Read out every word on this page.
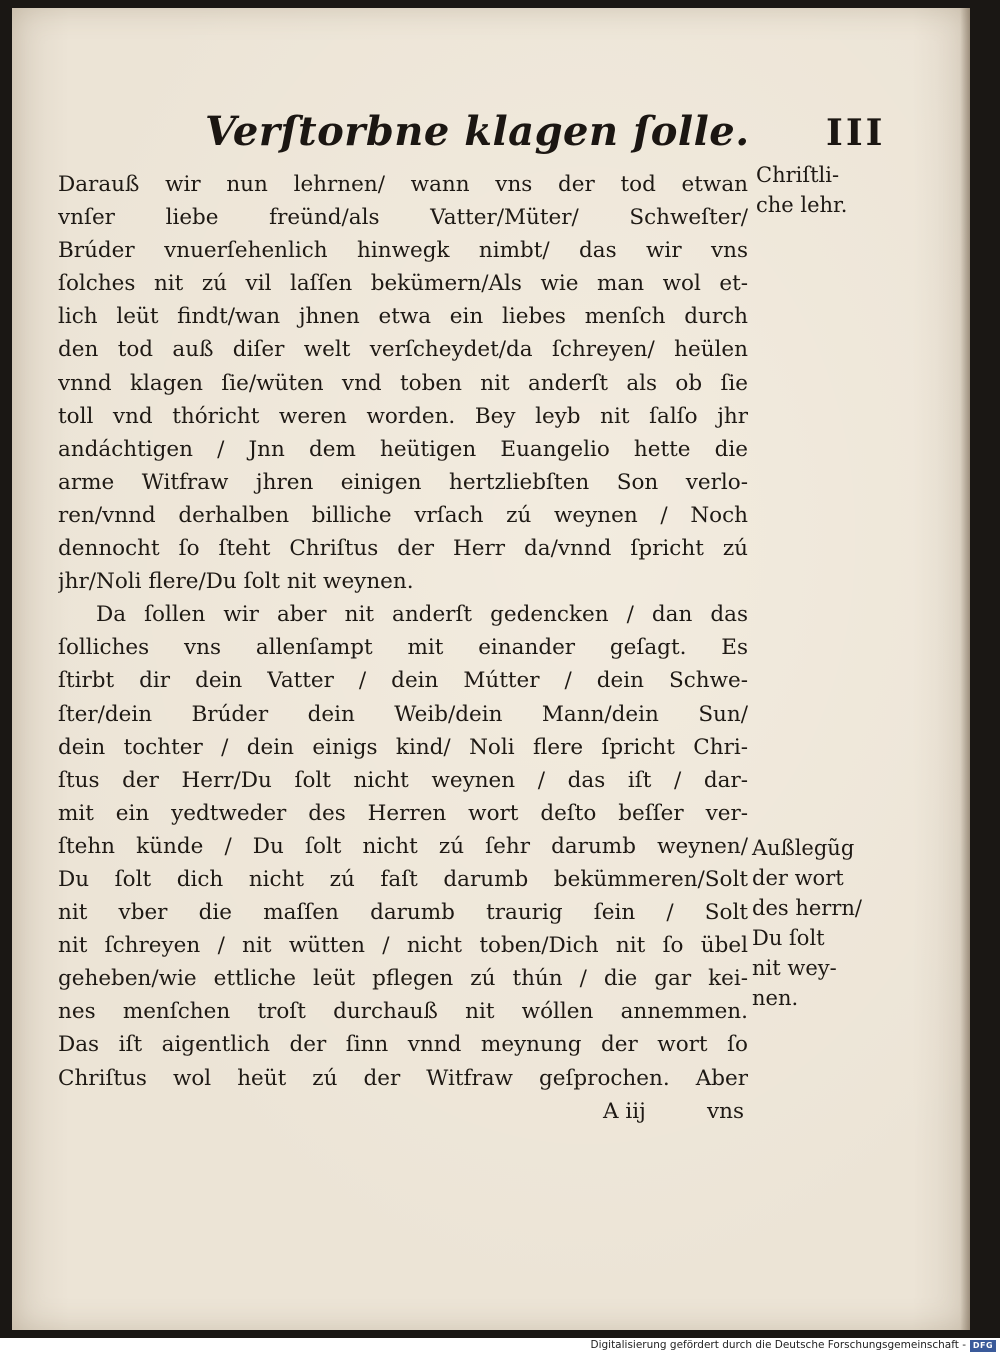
Verſtorbne klagen ſolle. III
Darauß wir nun lehrnen/ wann vns der tod etwan
vnſer liebe freünd/als Vatter/Müter/ Schweſter/
Brúder vnuerſehenlich hinwegk nimbt/ das wir vns
ſolches nit zú vil laſſen bekümern/Als wie man wol et-
lich leüt findt/wan jhnen etwa ein liebes menſch durch
den tod auß diſer welt verſcheydet/da ſchreyen/ heülen
vnnd klagen ſie/wüten vnd toben nit anderſt als ob ſie
toll vnd thóricht weren worden. Bey leyb nit ſalſo jhr
andáchtigen / Jnn dem heütigen Euangelio hette die
arme Witfraw jhren einigen hertzliebſten Son verlo-
ren/vnnd derhalben billiche vrſach zú weynen / Noch
dennocht ſo ſteht Chriſtus der Herr da/vnnd ſpricht zú
jhr/Noli flere/Du ſolt nit weynen.
Da ſollen wir aber nit anderſt gedencken / dan das
ſolliches vns allenſampt mit einander geſagt. Es
ſtirbt dir dein Vatter / dein Mútter / dein Schwe-
ſter/dein Brúder dein Weib/dein Mann/dein Sun/
dein tochter / dein einigs kind/ Noli flere ſpricht Chri-
ſtus der Herr/Du ſolt nicht weynen / das iſt / dar-
mit ein yedtweder des Herren wort deſto beſſer ver-
ſtehn künde / Du ſolt nicht zú ſehr darumb weynen/
Du ſolt dich nicht zú faſt darumb bekümmeren/Solt
nit vber die maſſen darumb traurig ſein / Solt
nit ſchreyen / nit wütten / nicht toben/Dich nit ſo übel
geheben/wie ettliche leüt pflegen zú thún / die gar kei-
nes menſchen troſt durchauß nit wóllen annemmen.
Das iſt aigentlich der ſinn vnnd meynung der wort ſo
Chriſtus wol heüt zú der Witfraw geſprochen. Aber
A iij	vns
Chriſtli-
che lehr.
Außlegũg
der wort
des herrn/
Du ſolt
nit wey-
nen.
Digitalisierung gefördert durch die Deutsche Forschungsgemeinschaft - DFG
